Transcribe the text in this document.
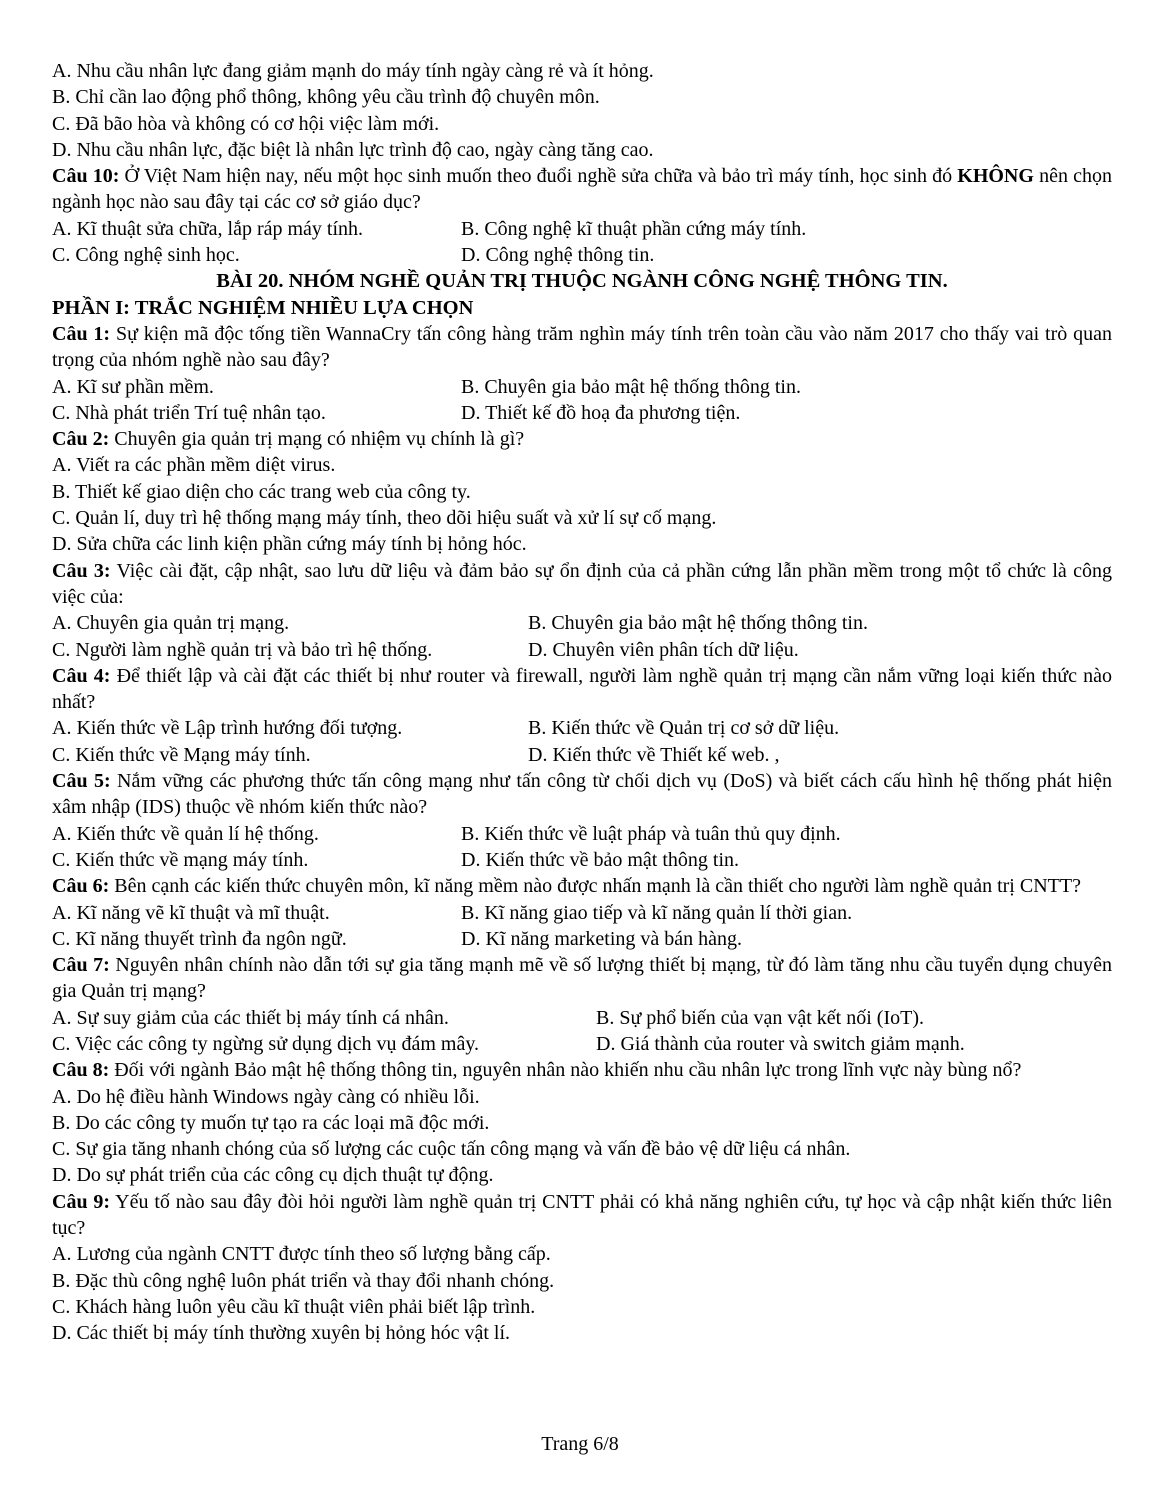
A. Nhu cầu nhân lực đang giảm mạnh do máy tính ngày càng rẻ và ít hỏng.
B. Chỉ cần lao động phổ thông, không yêu cầu trình độ chuyên môn.
C. Đã bão hòa và không có cơ hội việc làm mới.
D. Nhu cầu nhân lực, đặc biệt là nhân lực trình độ cao, ngày càng tăng cao.
Câu 10: Ở Việt Nam hiện nay, nếu một học sinh muốn theo đuổi nghề sửa chữa và bảo trì máy tính, học sinh đó KHÔNG nên chọn ngành học nào sau đây tại các cơ sở giáo dục?
A. Kĩ thuật sửa chữa, lắp ráp máy tính.	B. Công nghệ kĩ thuật phần cứng máy tính.
C. Công nghệ sinh học.	D. Công nghệ thông tin.
BÀI 20. NHÓM NGHỀ QUẢN TRỊ THUỘC NGÀNH CÔNG NGHỆ THÔNG TIN.
PHẦN I: TRẮC NGHIỆM NHIỀU LỰA CHỌN
Câu 1: Sự kiện mã độc tống tiền WannaCry tấn công hàng trăm nghìn máy tính trên toàn cầu vào năm 2017 cho thấy vai trò quan trọng của nhóm nghề nào sau đây?
A. Kĩ sư phần mềm.	B. Chuyên gia bảo mật hệ thống thông tin.
C. Nhà phát triển Trí tuệ nhân tạo.	D. Thiết kế đồ hoạ đa phương tiện.
Câu 2: Chuyên gia quản trị mạng có nhiệm vụ chính là gì?
A. Viết ra các phần mềm diệt virus.
B. Thiết kế giao diện cho các trang web của công ty.
C. Quản lí, duy trì hệ thống mạng máy tính, theo dõi hiệu suất và xử lí sự cố mạng.
D. Sửa chữa các linh kiện phần cứng máy tính bị hỏng hóc.
Câu 3: Việc cài đặt, cập nhật, sao lưu dữ liệu và đảm bảo sự ổn định của cả phần cứng lẫn phần mềm trong một tổ chức là công việc của:
A. Chuyên gia quản trị mạng.	B. Chuyên gia bảo mật hệ thống thông tin.
C. Người làm nghề quản trị và bảo trì hệ thống.	D. Chuyên viên phân tích dữ liệu.
Câu 4: Để thiết lập và cài đặt các thiết bị như router và firewall, người làm nghề quản trị mạng cần nắm vững loại kiến thức nào nhất?
A. Kiến thức về Lập trình hướng đối tượng.	B. Kiến thức về Quản trị cơ sở dữ liệu.
C. Kiến thức về Mạng máy tính.	D. Kiến thức về Thiết kế web. ,
Câu 5: Nắm vững các phương thức tấn công mạng như tấn công từ chối dịch vụ (DoS) và biết cách cấu hình hệ thống phát hiện xâm nhập (IDS) thuộc về nhóm kiến thức nào?
A. Kiến thức về quản lí hệ thống.	B. Kiến thức về luật pháp và tuân thủ quy định.
C. Kiến thức về mạng máy tính.	D. Kiến thức về bảo mật thông tin.
Câu 6: Bên cạnh các kiến thức chuyên môn, kĩ năng mềm nào được nhấn mạnh là cần thiết cho người làm nghề quản trị CNTT?
A. Kĩ năng vẽ kĩ thuật và mĩ thuật.	B. Kĩ năng giao tiếp và kĩ năng quản lí thời gian.
C. Kĩ năng thuyết trình đa ngôn ngữ.	D. Kĩ năng marketing và bán hàng.
Câu 7: Nguyên nhân chính nào dẫn tới sự gia tăng mạnh mẽ về số lượng thiết bị mạng, từ đó làm tăng nhu cầu tuyển dụng chuyên gia Quản trị mạng?
A. Sự suy giảm của các thiết bị máy tính cá nhân.	B. Sự phổ biến của vạn vật kết nối (IoT).
C. Việc các công ty ngừng sử dụng dịch vụ đám mây.	D. Giá thành của router và switch giảm mạnh.
Câu 8: Đối với ngành Bảo mật hệ thống thông tin, nguyên nhân nào khiến nhu cầu nhân lực trong lĩnh vực này bùng nổ?
A. Do hệ điều hành Windows ngày càng có nhiều lỗi.
B. Do các công ty muốn tự tạo ra các loại mã độc mới.
C. Sự gia tăng nhanh chóng của số lượng các cuộc tấn công mạng và vấn đề bảo vệ dữ liệu cá nhân.
D. Do sự phát triển của các công cụ dịch thuật tự động.
Câu 9: Yếu tố nào sau đây đòi hỏi người làm nghề quản trị CNTT phải có khả năng nghiên cứu, tự học và cập nhật kiến thức liên tục?
A. Lương của ngành CNTT được tính theo số lượng bằng cấp.
B. Đặc thù công nghệ luôn phát triển và thay đổi nhanh chóng.
C. Khách hàng luôn yêu cầu kĩ thuật viên phải biết lập trình.
D. Các thiết bị máy tính thường xuyên bị hỏng hóc vật lí.
Trang 6/8
